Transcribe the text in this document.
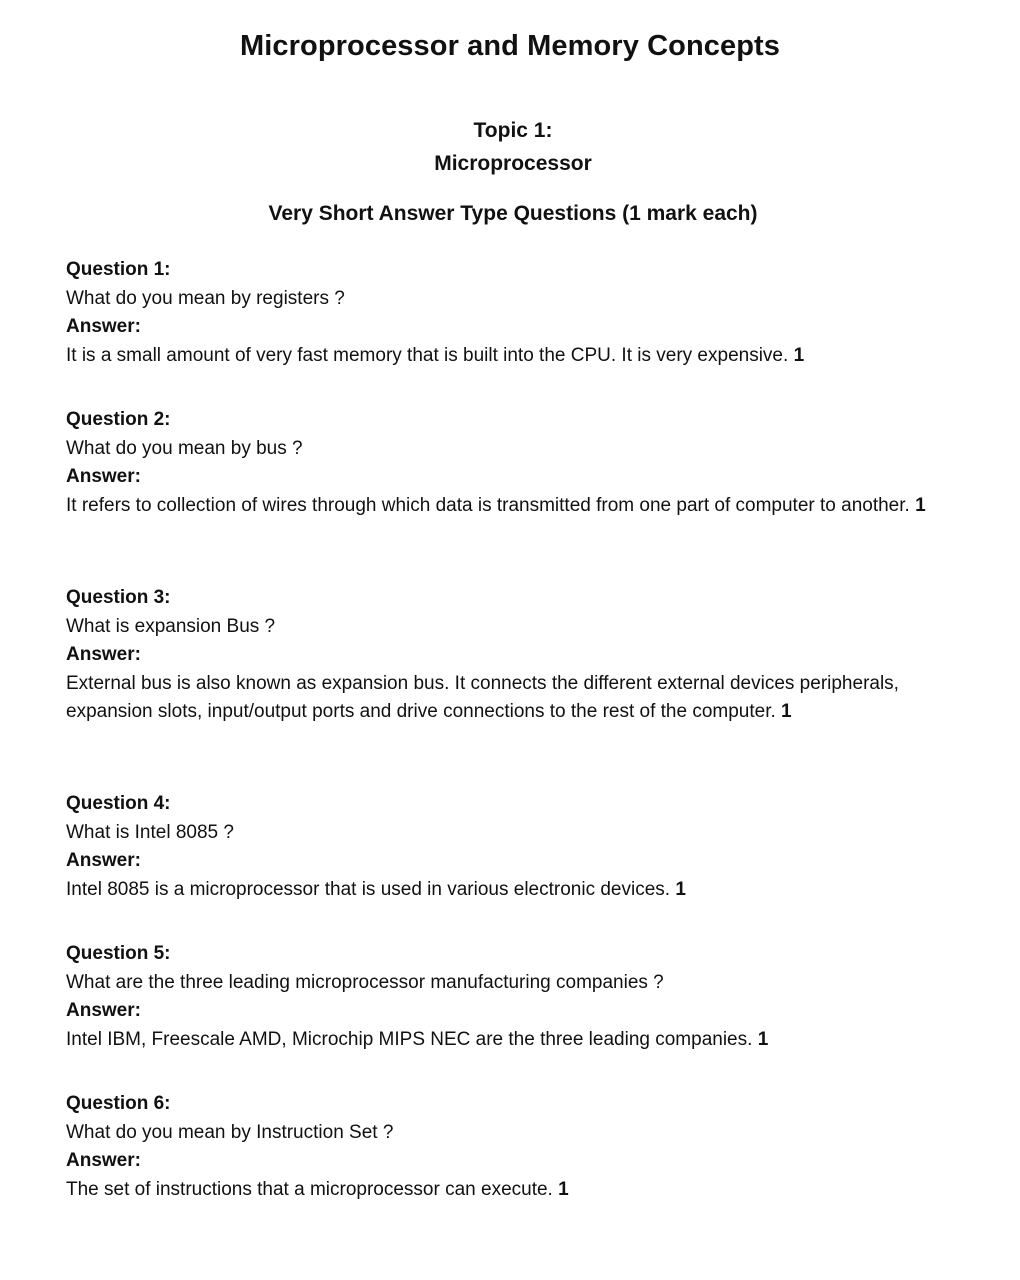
Microprocessor and Memory Concepts
Topic 1:
Microprocessor
Very Short Answer Type Questions (1 mark each)
Question 1:
What do you mean by registers ?
Answer:
It is a small amount of very fast memory that is built into the CPU. It is very expensive. 1
Question 2:
What do you mean by bus ?
Answer:
It refers to collection of wires through which data is transmitted from one part of computer to another. 1
Question 3:
What is expansion Bus ?
Answer:
External bus is also known as expansion bus. It connects the different external devices peripherals, expansion slots, input/output ports and drive connections to the rest of the computer. 1
Question 4:
What is Intel 8085 ?
Answer:
Intel 8085 is a microprocessor that is used in various electronic devices. 1
Question 5:
What are the three leading microprocessor manufacturing companies ?
Answer:
Intel IBM, Freescale AMD, Microchip MIPS NEC are the three leading companies. 1
Question 6:
What do you mean by Instruction Set ?
Answer:
The set of instructions that a microprocessor can execute. 1
